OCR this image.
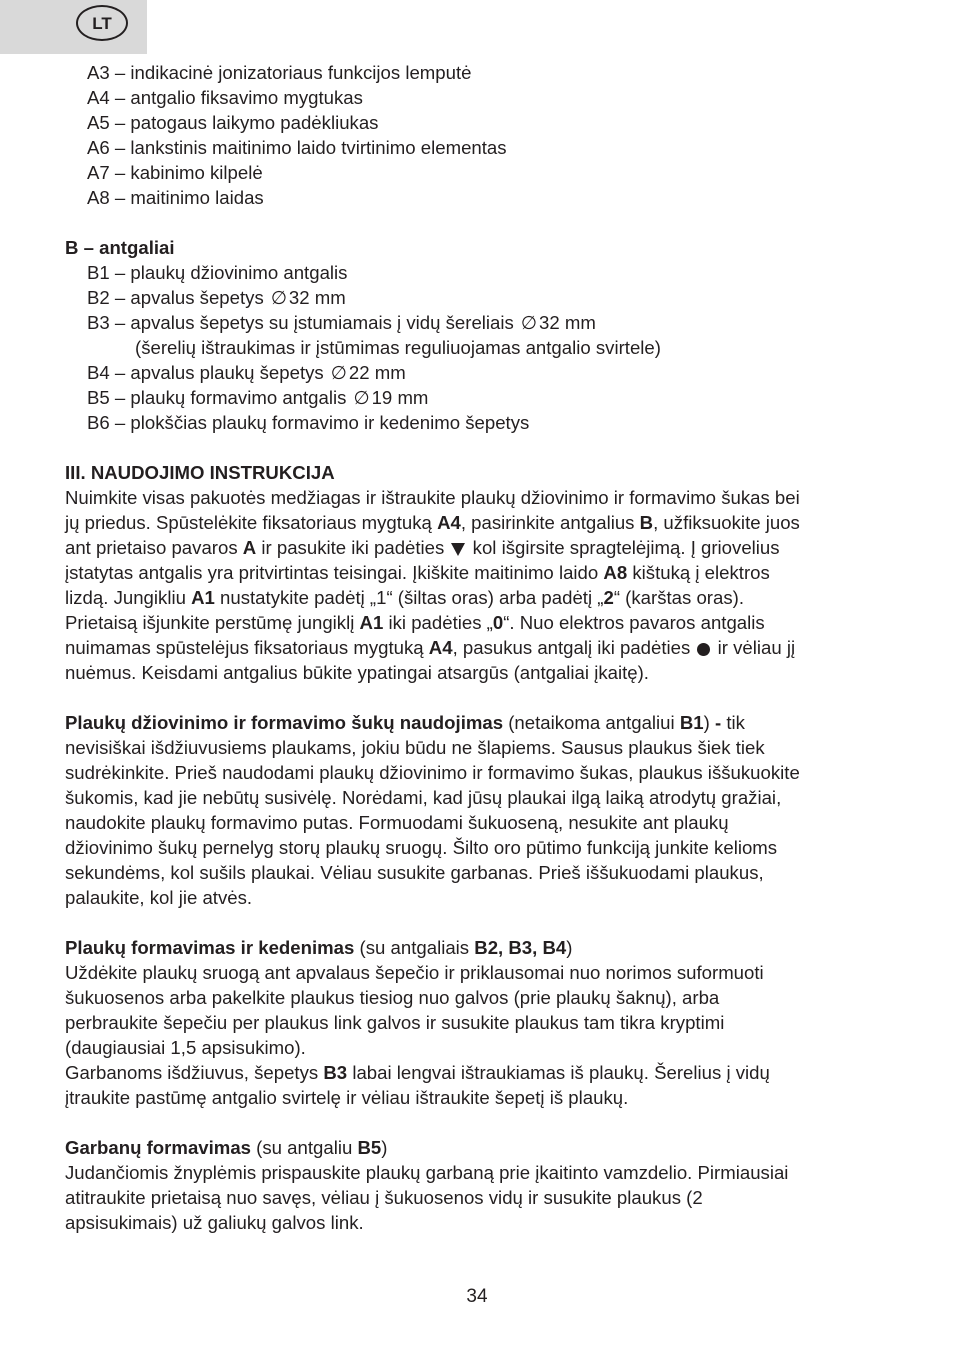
LT
A3 – indikacinė jonizatoriaus funkcijos lemputė
A4 – antgalio fiksavimo mygtukas
A5 – patogaus laikymo padėkliukas
A6 – lankstinis maitinimo laido tvirtinimo elementas
A7 – kabinimo kilpelė
A8 – maitinimo laidas
B – antgaliai
B1 – plaukų džiovinimo antgalis
B2 – apvalus šepetys ∅ 32 mm
B3 – apvalus šepetys su įstumiamais į vidų šereliais ∅ 32 mm
(šerelių ištraukimas ir įstūmimas reguliuojamas antgalio svirtele)
B4 – apvalus plaukų šepetys ∅ 22 mm
B5 – plaukų formavimo antgalis ∅ 19 mm
B6 – plokščias plaukų formavimo ir kedenimo šepetys
III. NAUDOJIMO INSTRUKCIJA
Nuimkite visas pakuotės medžiagas ir ištraukite plaukų džiovinimo ir formavimo šukas bei
jų priedus. Spūstelėkite fiksatoriaus mygtuką A4, pasirinkite antgalius B, užfiksuokite juos
ant prietaiso pavaros A ir pasukite iki padėties  kol išgirsite spragtelėjimą. Į griovelius
įstatytas antgalis yra pritvirtintas teisingai. Įkiškite maitinimo laido A8 kištuką į elektros
lizdą. Jungikliu A1 nustatykite padėtį „1“ (šiltas oras) arba padėtį „2“ (karštas oras).
Prietaisą išjunkite perstūmę jungiklį A1 iki padėties „0“. Nuo elektros pavaros antgalis
nuimamas spūstelėjus fiksatoriaus mygtuką A4, pasukus antgalį iki padėties  ir vėliau jį
nuėmus. Keisdami antgalius būkite ypatingai atsargūs (antgaliai įkaitę).
Plaukų džiovinimo ir formavimo šukų naudojimas (netaikoma antgaliui B1) - tik
nevisiškai išdžiuvusiems plaukams, jokiu būdu ne šlapiems. Sausus plaukus šiek tiek
sudrėkinkite. Prieš naudodami plaukų džiovinimo ir formavimo šukas, plaukus iššukuokite
šukomis, kad jie nebūtų susivėlę. Norėdami, kad jūsų plaukai ilgą laiką atrodytų gražiai,
naudokite plaukų formavimo putas. Formuodami šukuoseną, nesukite ant plaukų
džiovinimo šukų pernelyg storų plaukų sruogų. Šilto oro pūtimo funkciją junkite kelioms
sekundėms, kol sušils plaukai. Vėliau susukite garbanas. Prieš iššukuodami plaukus,
palaukite, kol jie atvės.
Plaukų formavimas ir kedenimas (su antgaliais B2, B3, B4)
Uždėkite plaukų sruogą ant apvalaus šepečio ir priklausomai nuo norimos suformuoti
šukuosenos arba pakelkite plaukus tiesiog nuo galvos (prie plaukų šaknų), arba
perbraukite šepečiu per plaukus link galvos ir susukite plaukus tam tikra kryptimi
(daugiausiai 1,5 apsisukimo).
Garbanoms išdžiuvus, šepetys B3 labai lengvai ištraukiamas iš plaukų. Šerelius į vidų
įtraukite pastūmę antgalio svirtelę ir vėliau ištraukite šepetį iš plaukų.
Garbanų formavimas (su antgaliu B5)
Judančiomis žnyplėmis prispauskite plaukų garbaną prie įkaitinto vamzdelio. Pirmiausiai
atitraukite prietaisą nuo savęs, vėliau į šukuosenos vidų ir susukite plaukus (2
apsisukimais) už galiukų galvos link.
34
